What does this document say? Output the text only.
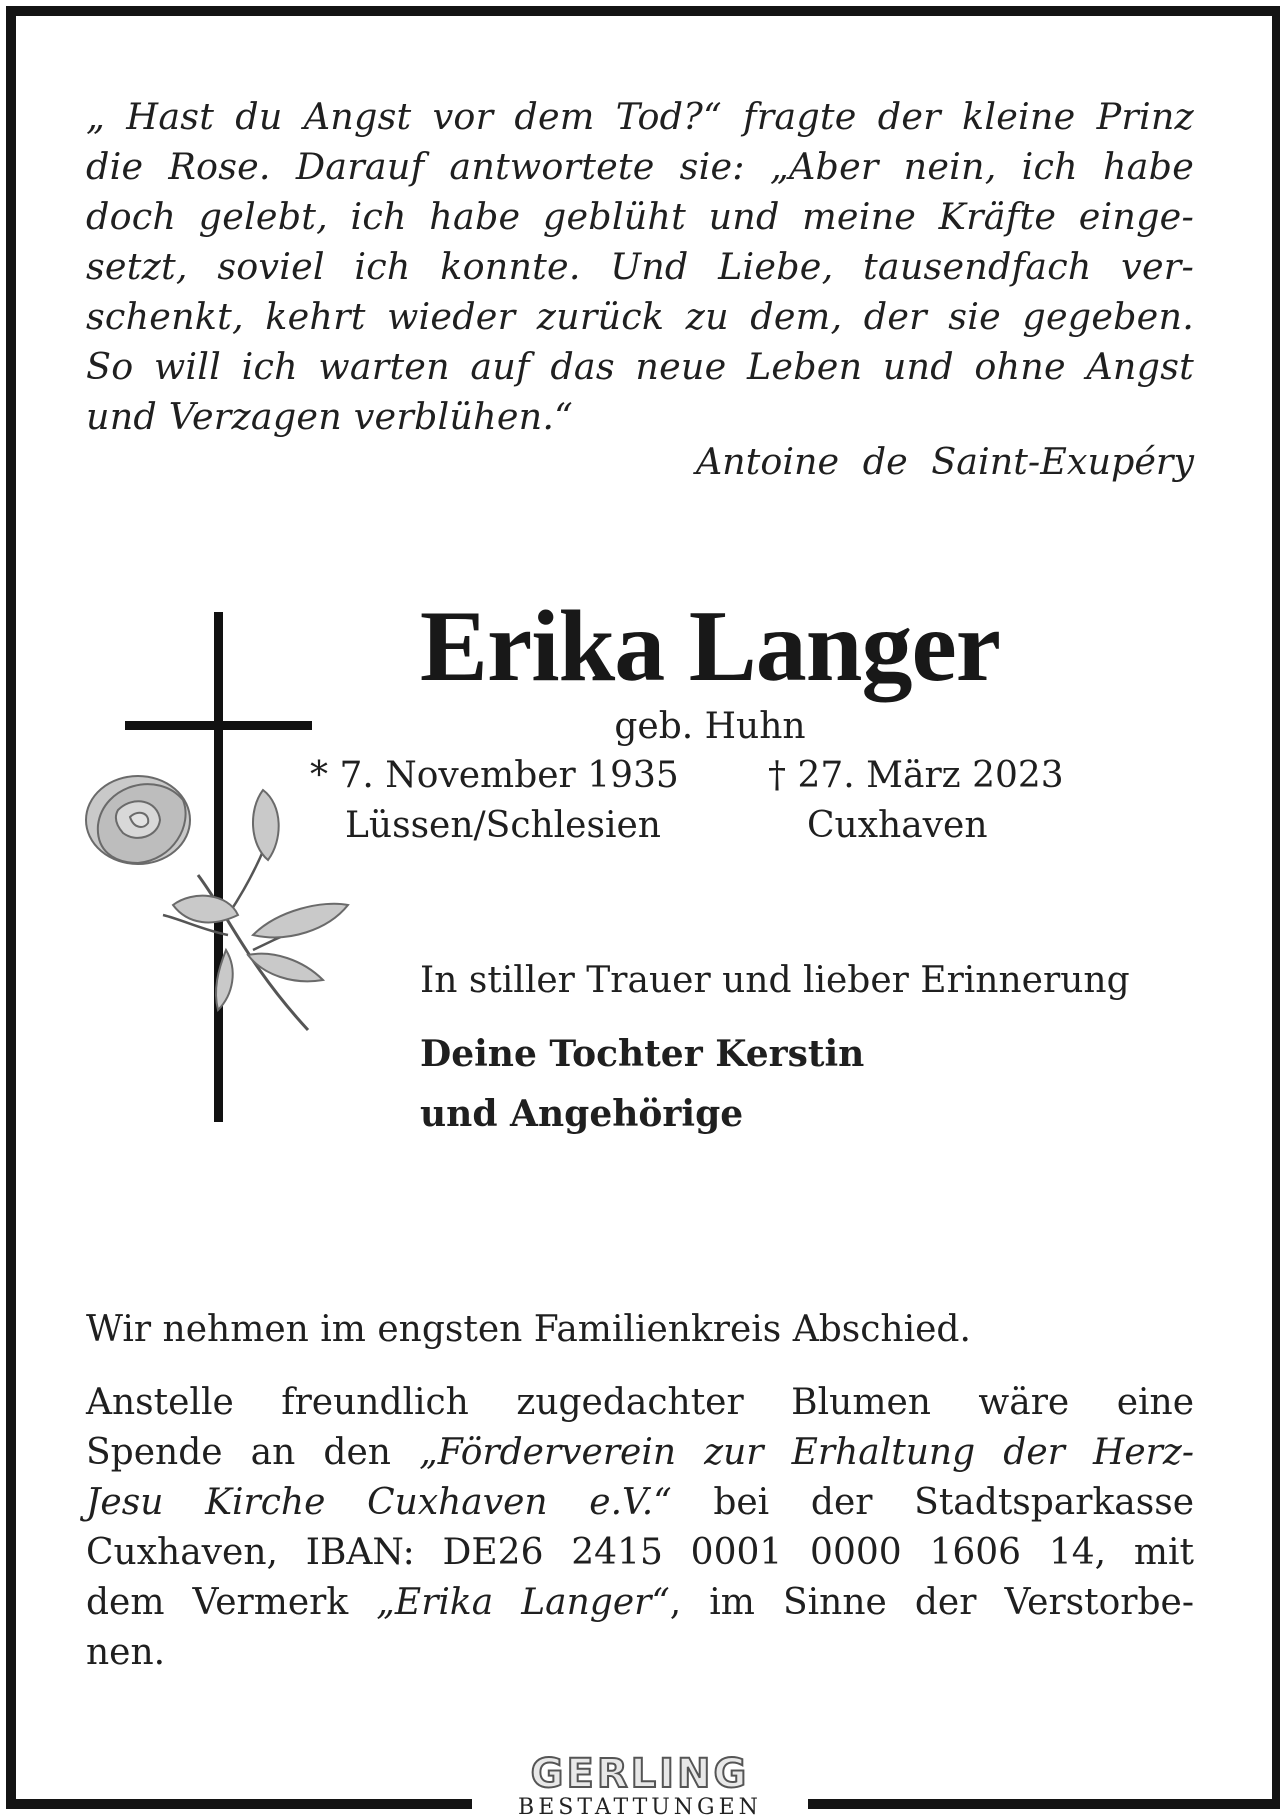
„ Hast du Angst vor dem Tod?“ fragte der kleine Prinz
die Rose. Darauf antwortete sie: „Aber nein, ich habe
doch gelebt, ich habe geblüht und meine Kräfte einge-
setzt, soviel ich konnte. Und Liebe, tausendfach ver-
schenkt, kehrt wieder zurück zu dem, der sie gegeben.
So will ich warten auf das neue Leben und ohne Angst
und Verzagen verblühen.“
Antoine de Saint-Exupéry
Erika Langer
geb. Huhn
* 7. November 1935 † 27. März 2023
Lüssen/Schlesien	Cuxhaven
In stiller Trauer und lieber Erinnerung
Deine Tochter Kerstin
und Angehörige
Wir nehmen im engsten Familienkreis Abschied.
Anstelle freundlich zugedachter Blumen wäre eine
Spende an den „Förderverein zur Erhaltung der Herz-
Jesu Kirche Cuxhaven e.V.“ bei der Stadtsparkasse
Cuxhaven, IBAN: DE26 2415 0001 0000 1606 14, mit
dem Vermerk „Erika Langer“, im Sinne der Verstorbe-
nen.
GERLING
BESTATTUNGEN
